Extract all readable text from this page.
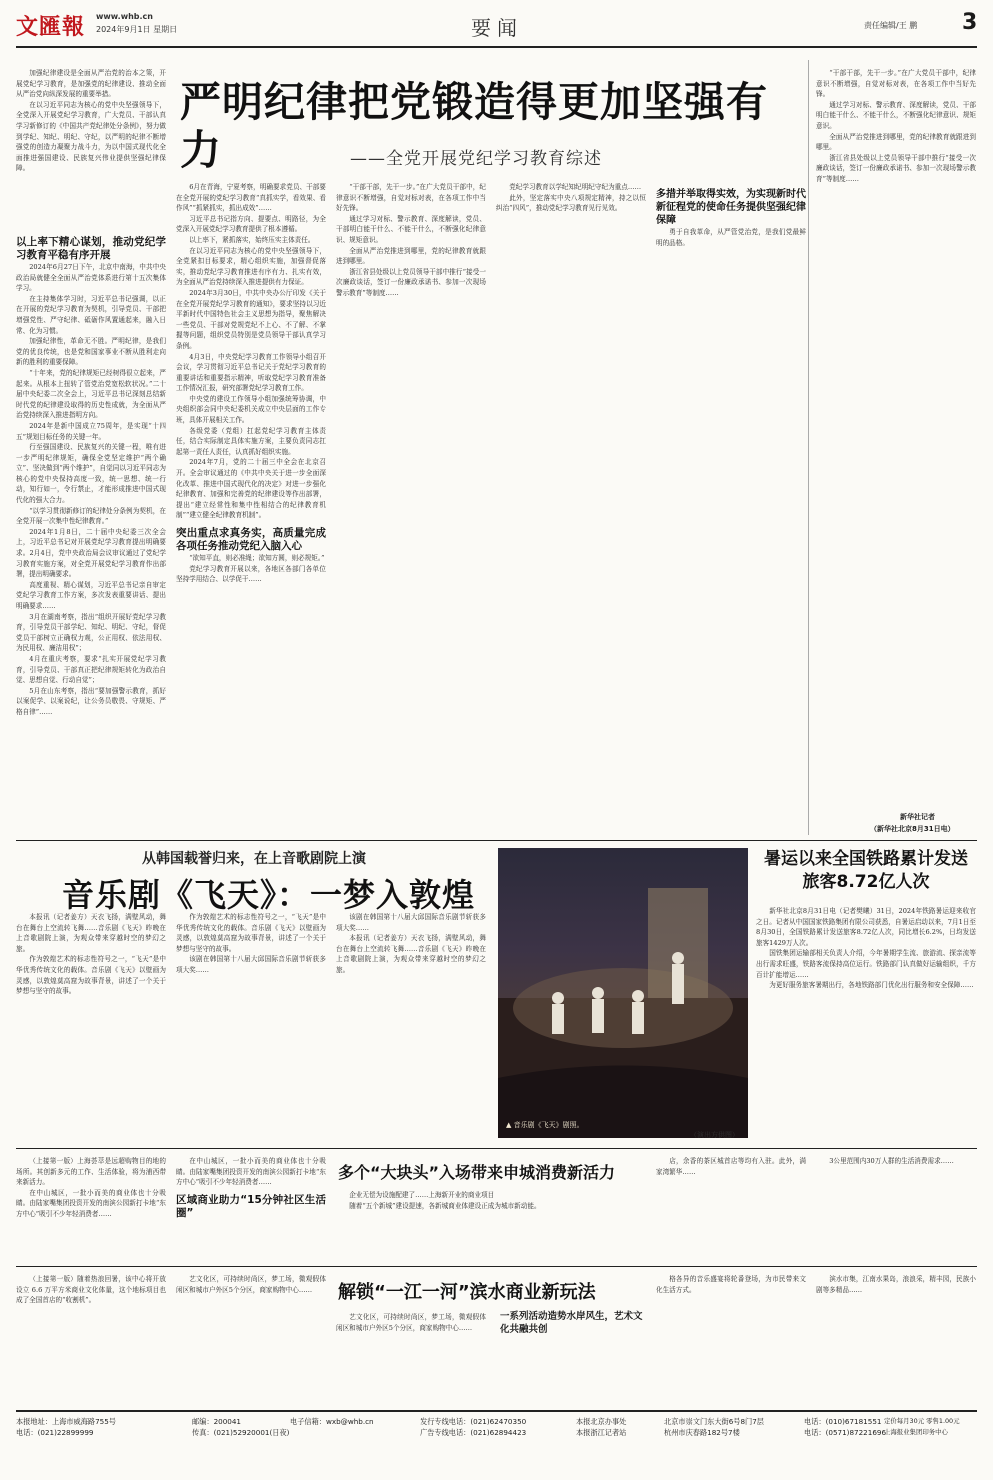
文匯報 www.whb.cn
2024年9月1日 星期日	要闻	责任编辑/王 鹏 3

加强纪律建设是全面从严治党的治本之策，开展党纪学习教育，是加强党的纪律建设、推动全面从严治党向纵深发展的重要举措。

在以习近平同志为核心的党中央坚强领导下，全党深入开展党纪学习教育，广大党员、干部认真学习新修订的《中国共产党纪律处分条例》，努力做到学纪、知纪、明纪、守纪，以严明的纪律不断增强党的创造力凝聚力战斗力，为以中国式现代化全面推进强国建设、民族复兴伟业提供坚强纪律保障。

严明纪律把党锻造得更加坚强有力	——全党开展党纪学习教育综述

以上率下精心谋划，推动党纪学习教育平稳有序开展

2024年6月27日下午，北京中南海，中共中央政治局就健全全面从严治党体系进行第十五次集体学习。

在主持集体学习时，习近平总书记强调，以正在开展的党纪学习教育为契机，引导党员、干部把增强党性、严守纪律、砥砺作风置通起来，融入日常、化为习惯。

加强纪律性，革命无不胜。严明纪律，是我们党的优良传统，也是党和国家事业不断从胜利走向新的胜利的重要保障。

“十年来，党的纪律规矩已经树得很立起来，严起来。从根本上扭转了管党治党宽松软状况。”二十届中央纪委二次全会上，习近平总书记深刻总结新时代党的纪律建设取得的历史性成就，为全面从严治党持续深入推进指明方向。

2024年是新中国成立75周年，是实现“十四五”规划目标任务的关键一年。

行至强国建设、民族复兴的关键一程，唯有进一步严明纪律规矩，确保全党坚定维护“两个确立”、坚决做到“两个维护”，自觉同以习近平同志为核心的党中央保持高度一致，统一思想、统一行动，知行如一，令行禁止，才能形成推进中国式现代化的强大合力。

“以学习贯彻新修订的纪律处分条例为契机，在全党开展一次集中性纪律教育。”

2024年1月8日，二十届中央纪委三次全会上，习近平总书记对开展党纪学习教育提出明确要求。2月4日，党中央政治局会议审议通过了党纪学习教育实施方案，对全党开展党纪学习教育作出部署，提出明确要求。

高度重视、精心谋划，习近平总书记亲自审定党纪学习教育工作方案，多次发表重要讲话、提出明确要求……

3月在湖南考察，指出“组织开展好党纪学习教育，引导党员干部学纪、知纪、明纪、守纪，督促党员干部树立正确权力观，公正用权、依法用权、为民用权、廉洁用权”；

4月在重庆考察，要求“扎实开展党纪学习教育，引导党员、干部真正把纪律规矩转化为政治自觉、思想自觉、行动自觉”；

5月在山东考察，指出“要加强警示教育，抓好以案促学、以案说纪，让公务员敬畏、守规矩、严格自律”……

6月在青海，宁夏考察，明确要求党员、干部要在全党开展的党纪学习教育“真抓实学，看效果、看作风”“抓紧抓实，抓出成效”……

习近平总书记指方向、提要点、明路径，为全党深入开展党纪学习教育提供了根本遵循。

以上率下，紧抓落实，始终压实主体责任。

在以习近平同志为核心的党中央坚强领导下，全党紧扣目标要求，精心组织实施，加强督促落实，推动党纪学习教育推进有序有力、扎实有效，为全面从严治党持续深入推进提供有力保证。

2024年3月30日，中共中央办公厅印发《关于在全党开展党纪学习教育的通知》，要求坚持以习近平新时代中国特色社会主义思想为指导，聚焦解决一些党员、干部对党规党纪不上心、不了解、不掌握等问题，组织党员特别是党员领导干部认真学习条例。

4月3日，中央党纪学习教育工作领导小组召开会议，学习贯彻习近平总书记关于党纪学习教育的重要讲话和重要指示精神，听取党纪学习教育准备工作情况汇报，研究部署党纪学习教育工作。

中央党的建设工作领导小组加强统筹协调，中央组织部会同中央纪委机关成立中央层面的工作专班，具体开展相关工作。

各级党委（党组）扛起党纪学习教育主体责任，结合实际制定具体实施方案，主要负责同志扛起第一责任人责任，认真抓好组织实施。

2024年7月，党的二十届三中全会在北京召开。全会审议通过的《中共中央关于进一步全面深化改革、推进中国式现代化的决定》对进一步强化纪律教育、加强和完善党的纪律建设等作出部署，提出“建立经常性和集中性相结合的纪律教育机制”“建立健全纪律教育机制”。

突出重点求真务实，高质量完成各项任务推动党纪入脑入心

“欲知平直，则必准绳；欲知方圆，则必规矩。”

党纪学习教育开展以来，各地区各部门各单位坚持学用结合、以学促干……

“干部干部，先干一步。”在广大党员干部中，纪律意识不断增强，自觉对标对表，在各项工作中当好先锋。

通过学习对标、警示教育、深度解读，党员、干部明白能干什么、不能干什么，不断强化纪律意识、规矩意识。

全面从严治党推进到哪里，党的纪律教育就跟进到哪里。

浙江省县处级以上党员领导干部中推行“接受一次廉政谈话，签订一份廉政承诺书、参加一次现场警示教育”等制度……

党纪学习教育以学纪知纪明纪守纪为重点……

此外，坚定落实中央八项规定精神，持之以恒纠治“四风”，推动党纪学习教育见行见效。

多措并举取得实效，为实现新时代新征程党的使命任务提供坚强纪律保障

勇于自我革命，从严管党治党，是我们党最鲜明的品格。

“干部干部，先干一步。”在广大党员干部中，纪律意识不断增强，自觉对标对表，在各项工作中当好先锋。

通过学习对标、警示教育、深度解读，党员、干部明白能干什么、不能干什么，不断强化纪律意识、规矩意识。

全面从严治党推进到哪里，党的纪律教育就跟进到哪里。

浙江省县处级以上党员领导干部中推行“接受一次廉政谈话，签订一份廉政承诺书、参加一次现场警示教育”等制度……

新华社记者
（新华社北京8月31日电）
从韩国载誉归来，在上音歌剧院上演
音乐剧《飞天》：一梦入敦煌

本报讯（记者姜方）天衣飞扬，满壁风动，舞台在舞台上空流转飞舞……音乐剧《飞天》昨晚在上音歌剧院上演，为观众带来穿越时空的梦幻之旅。

作为敦煌艺术的标志性符号之一，“飞天”是中华优秀传统文化的载体。音乐剧《飞天》以壁画为灵感，以敦煌莫高窟为故事背景，讲述了一个关于梦想与坚守的故事。

作为敦煌艺术的标志性符号之一，“飞天”是中华优秀传统文化的载体。音乐剧《飞天》以壁画为灵感，以敦煌莫高窟为故事背景，讲述了一个关于梦想与坚守的故事。

该剧在韩国第十八届大邱国际音乐剧节斩获多项大奖……

该剧在韩国第十八届大邱国际音乐剧节斩获多项大奖……

本报讯（记者姜方）天衣飞扬，满壁风动，舞台在舞台上空流转飞舞……音乐剧《飞天》昨晚在上音歌剧院上演，为观众带来穿越时空的梦幻之旅。

▲ 音乐剧《飞天》剧照。
（演出方供图）
暑运以来全国铁路累计发送旅客8.72亿人次

新华社北京8月31日电（记者樊曦）31日，2024年铁路暑运迎来收官之日。记者从中国国家铁路集团有限公司获悉，自暑运启动以来，7月1日至8月30日，全国铁路累计发送旅客8.72亿人次，同比增长6.2%，日均发送旅客1429万人次。

国铁集团运输部相关负责人介绍，今年暑期学生流、旅游流、探亲流等出行需求旺盛，铁路客流保持高位运行。铁路部门认真做好运输组织，千方百计扩能增运……

为更好服务旅客暑期出行，各地铁路部门优化出行服务和安全保障……

多个“大块头”入场带来申城消费新活力

（上接第一版）上海荟萃是远超购物目的地的场所。其创新多元的工作、生活体验，将为浦西带来新活力。

在中山城区，一批小而美的商业体也十分吸睛。由陆家嘴集团投资开发的南滨公园新打卡地“东方中心”吸引不少年轻消费者……

在中山城区，一批小而美的商业体也十分吸睛。由陆家嘴集团投资开发的南滨公园新打卡地“东方中心”吸引不少年轻消费者……

区域商业助力“15分钟社区生活圈”

企业无偿为设施配建了……上海新开业的商业项目

随着“五个新城”建设提速，各新城商业体建设正成为城市新动能。

店，余香的茶区城首店等均有入驻。此外，满家湾繁华……

3公里范围内30万人群的生活消费需求……

解锁“一江一河”滨水商业新玩法
一系列活动造势水岸风生，艺术文化共融共创

（上接第一版）随着热浪回暑，该中心将开放设立 6.6 万平方米商业文化体量，这个地标项目也成了全国首店的“收割机”。

艺文化区，可持续时尚区，梦工场，微观假体闲区和城市户外区5个分区，商家购物中心……

艺文化区，可持续时尚区，梦工场，微观假体闲区和城市户外区5个分区，商家购物中心……

格各异的音乐盛宴将轮番登场，为市民带来文化生活方式。

滨水市集，江南水果岛，浪浪采，精丰园，民族小剧等多精品……

本报地址：上海市威海路755号
电话：(021)22899999
邮编：200041
传真：(021)52920001(日夜)
电子信箱：wxb@whb.cn	发行专线电话：(021)62470350
广告专线电话：(021)62894423
本报北京办事处
本报浙江记者站
北京市崇文门东大街6号8门7层
杭州市庆春路182号7楼
电话：(010)67181551
电话：(0571)87221696
定价每月30元 零售1.00元
上海报业集团印务中心
